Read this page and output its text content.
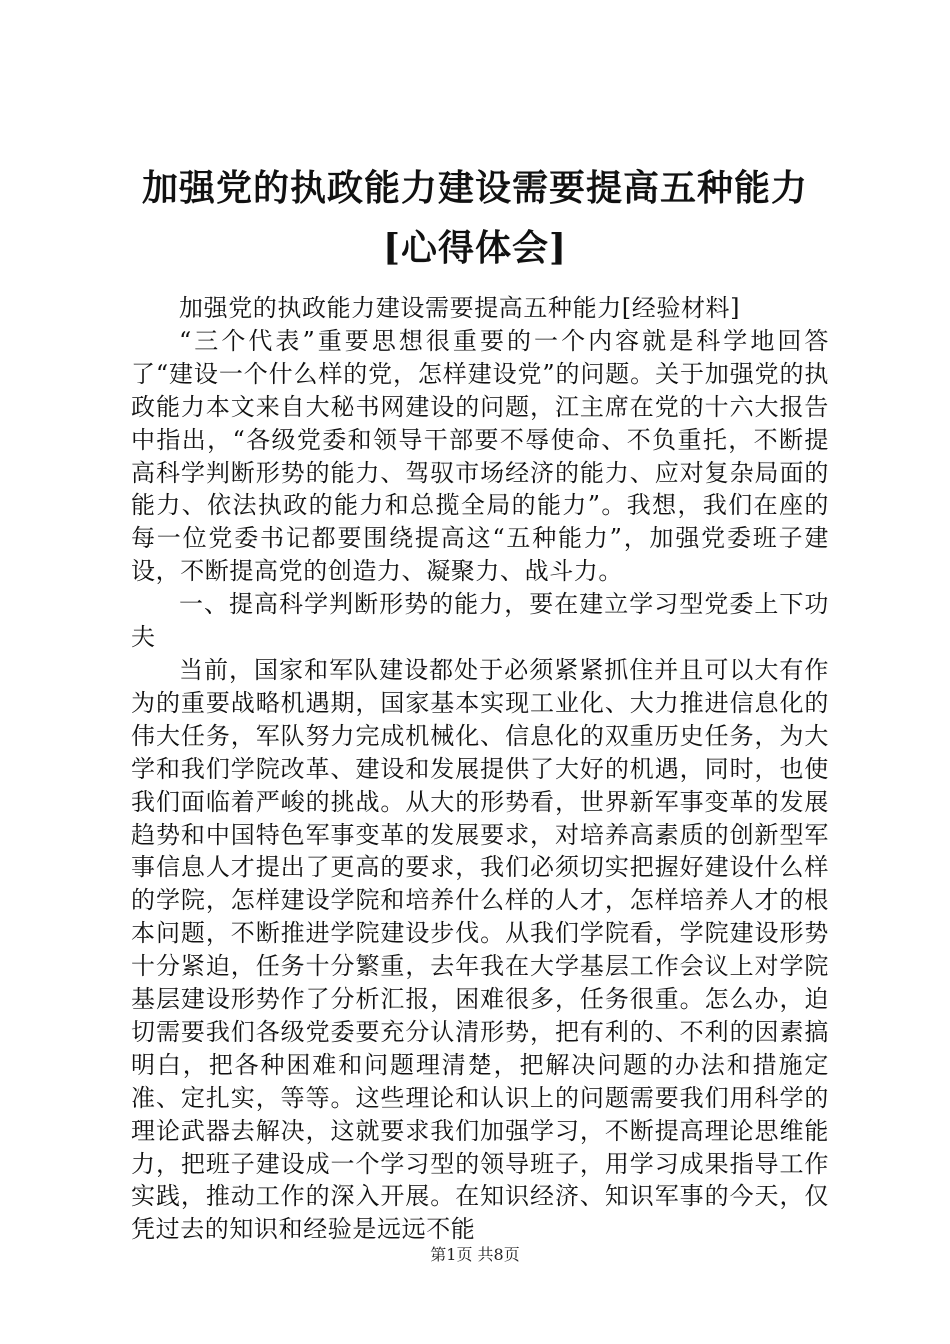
加强党的执政能力建设需要提高五种能力[心得体会]

加强党的执政能力建设需要提高五种能力[经验材料]

“三个代表”重要思想很重要的一个内容就是科学地回答了“建设一个什么样的党，怎样建设党”的问题。关于加强党的执政能力本文来自大秘书网建设的问题，江主席在党的十六大报告中指出，“各级党委和领导干部要不辱使命、不负重托，不断提高科学判断形势的能力、驾驭市场经济的能力、应对复杂局面的能力、依法执政的能力和总揽全局的能力”。我想，我们在座的每一位党委书记都要围绕提高这“五种能力”，加强党委班子建设，不断提高党的创造力、凝聚力、战斗力。

一、提高科学判断形势的能力，要在建立学习型党委上下功夫

当前，国家和军队建设都处于必须紧紧抓住并且可以大有作为的重要战略机遇期，国家基本实现工业化、大力推进信息化的伟大任务，军队努力完成机械化、信息化的双重历史任务，为大学和我们学院改革、建设和发展提供了大好的机遇，同时，也使我们面临着严峻的挑战。从大的形势看，世界新军事变革的发展趋势和中国特色军事变革的发展要求，对培养高素质的创新型军事信息人才提出了更高的要求，我们必须切实把握好建设什么样的学院，怎样建设学院和培养什么样的人才，怎样培养人才的根本问题，不断推进学院建设步伐。从我们学院看，学院建设形势十分紧迫，任务十分繁重，去年我在大学基层工作会议上对学院基层建设形势作了分析汇报，困难很多，任务很重。怎么办，迫切需要我们各级党委要充分认清形势，把有利的、不利的因素搞明白，把各种困难和问题理清楚，把解决问题的办法和措施定准、定扎实，等等。这些理论和认识上的问题需要我们用科学的理论武器去解决，这就要求我们加强学习，不断提高理论思维能力，把班子建设成一个学习型的领导班子，用学习成果指导工作实践，推动工作的深入开展。在知识经济、知识军事的今天，仅凭过去的知识和经验是远远不能

第1页 共8页
